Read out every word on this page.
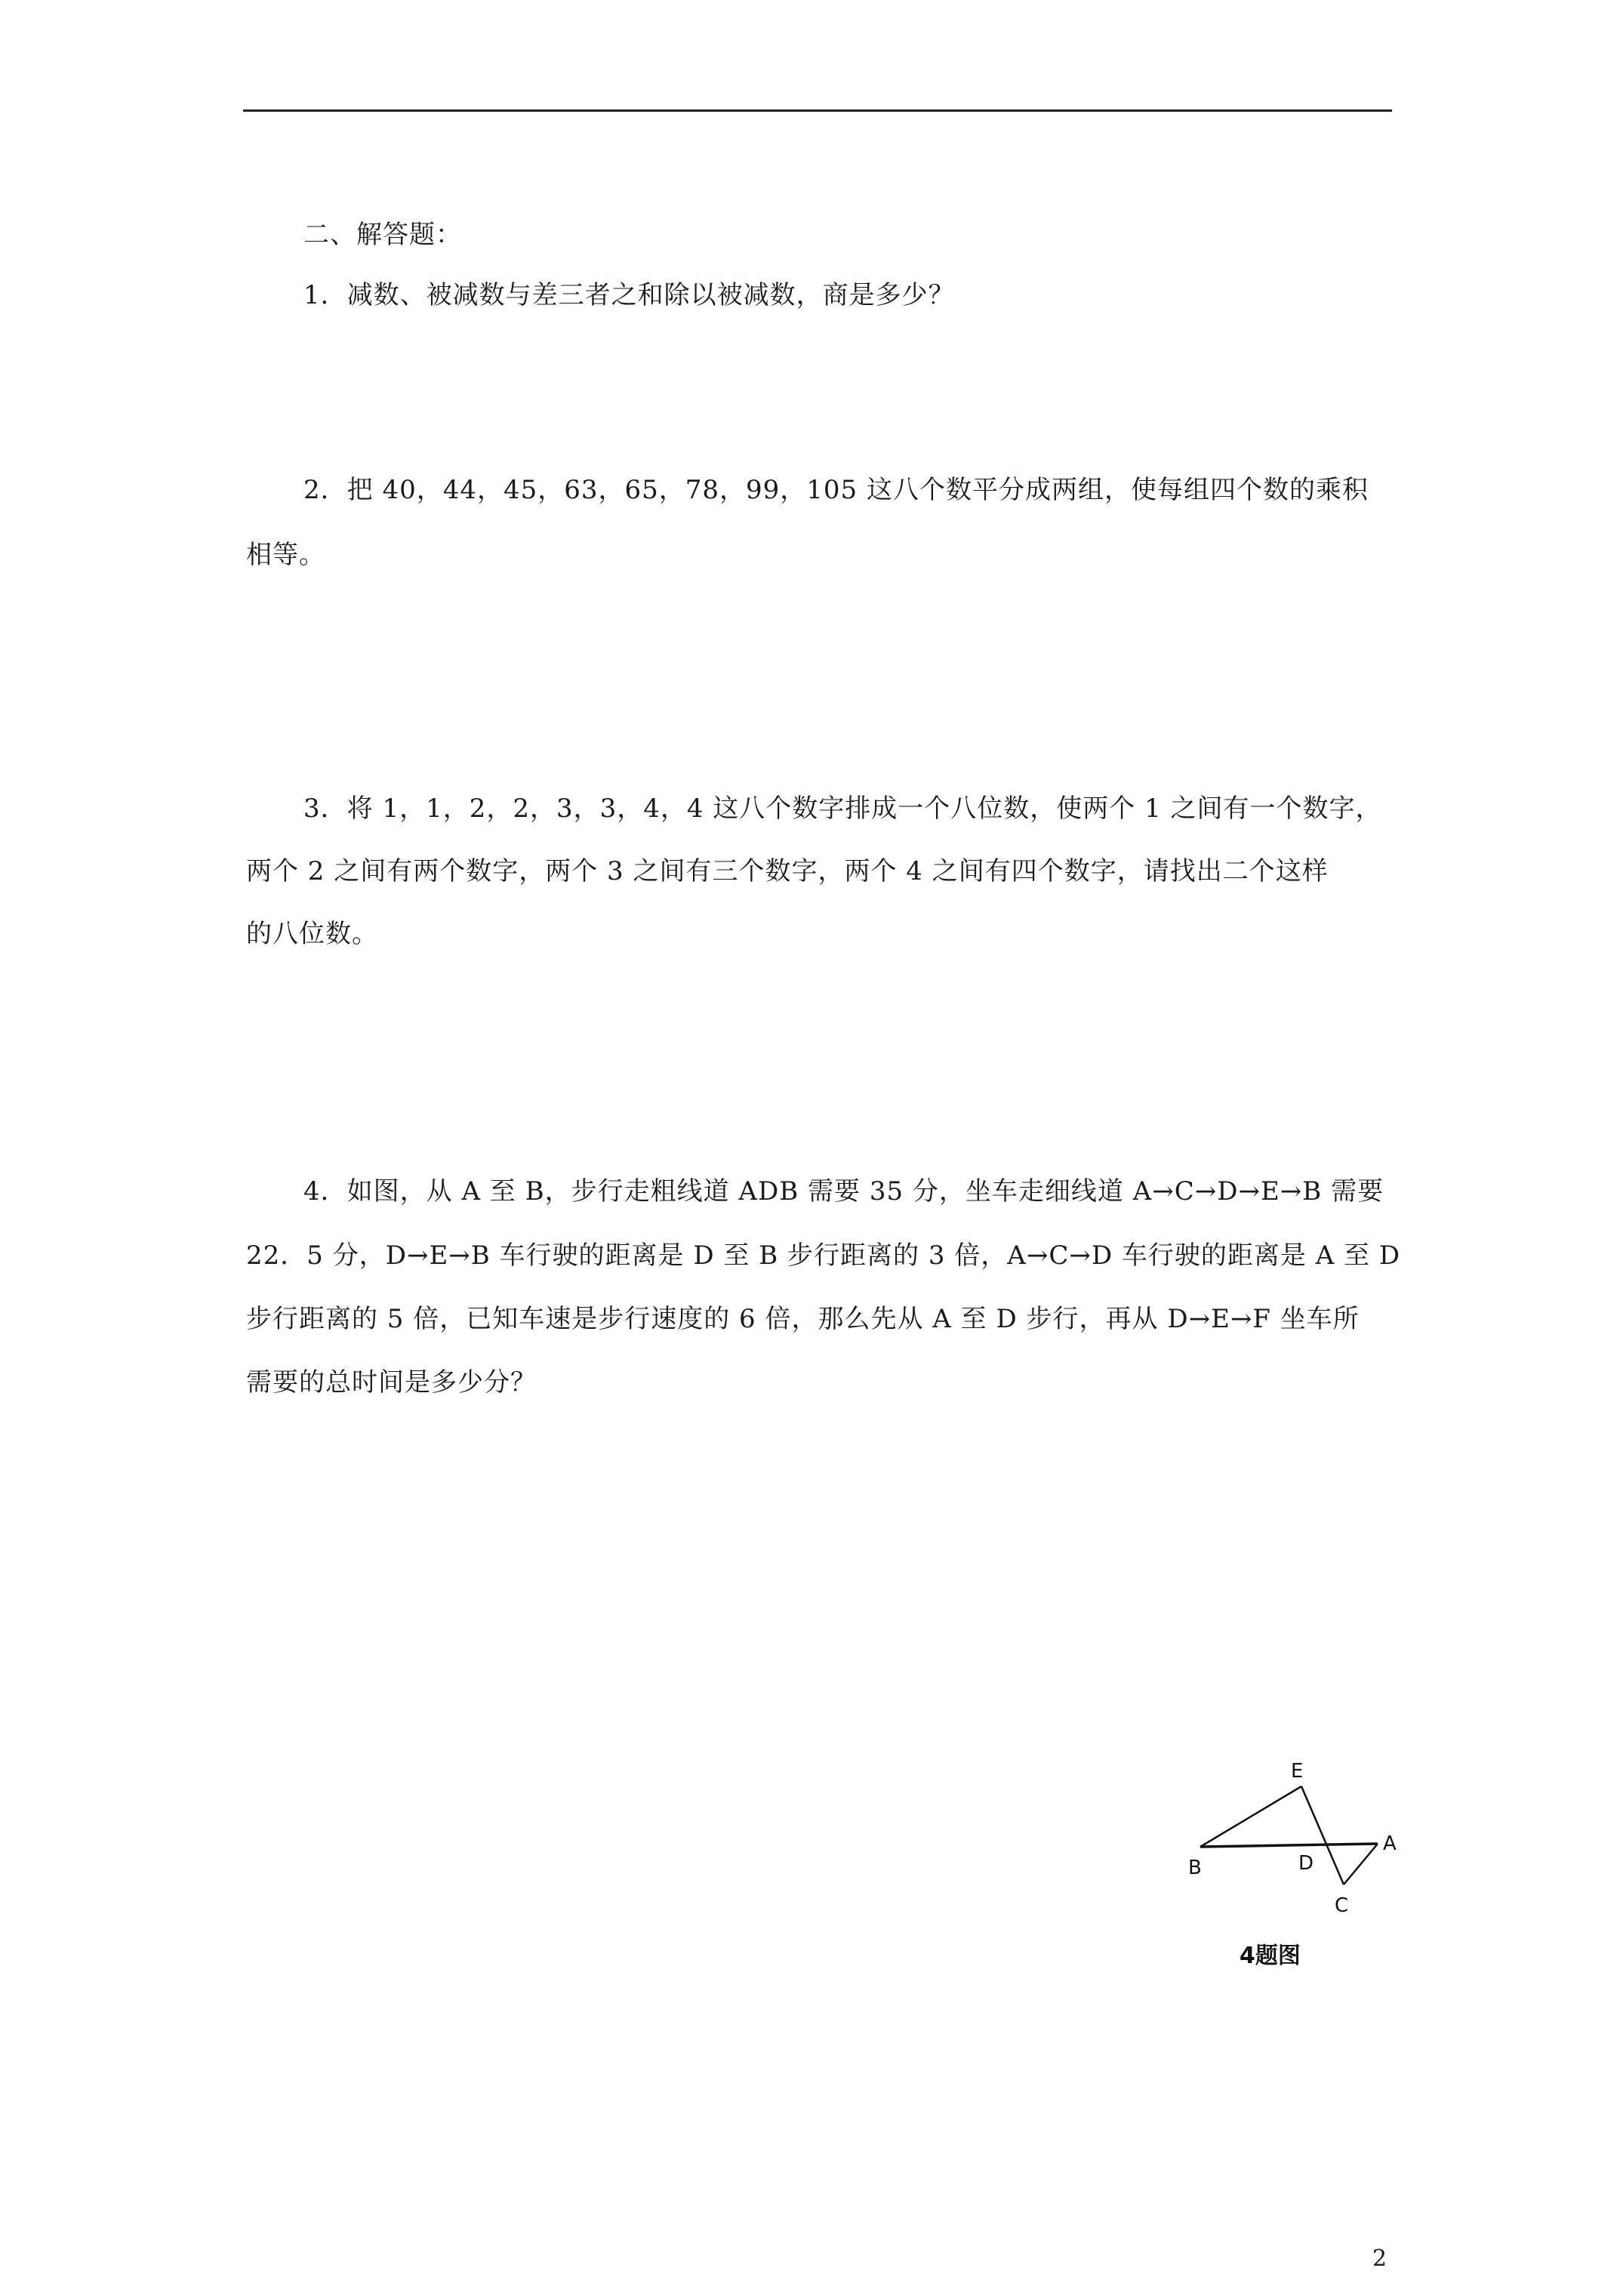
二、解答题：
1．减数、被减数与差三者之和除以被减数，商是多少？
2．把 40，44，45，63，65，78，99，105 这八个数平分成两组，使每组四个数的乘积
相等。
3．将 1，1，2，2，3，3，4，4 这八个数字排成一个八位数，使两个 1 之间有一个数字，
两个 2 之间有两个数字，两个 3 之间有三个数字，两个 4 之间有四个数字，请找出二个这样
的八位数。
4．如图，从 A 至 B，步行走粗线道 ADB 需要 35 分，坐车走细线道 A→C→D→E→B 需要
22．5 分，D→E→B 车行驶的距离是 D 至 B 步行距离的 3 倍，A→C→D 车行驶的距离是 A 至 D
步行距离的 5 倍，已知车速是步行速度的 6 倍，那么先从 A 至 D 步行，再从 D→E→F 坐车所
需要的总时间是多少分？
E
B	D
A
C
4题图
2
